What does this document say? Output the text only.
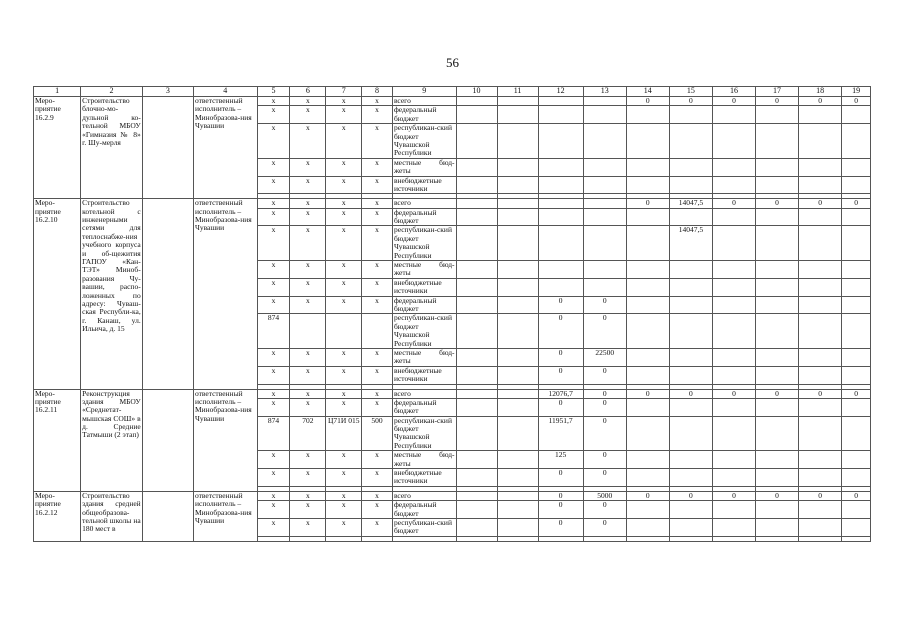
56
1	2	3	4	5	6	7	8	9	10	11	12	13	14	15	16	17	18	19
Меро-приятие 16.2.9	Строительство блочно-мо-дульной ко-тельной МБОУ «Гимназия № 8» г. Шу-мерля		ответственный исполнитель – Минобразова-ния Чувашии	х	х	х	х	всего					0	0	0	0	0	0
				х	х	х	х	федеральный бюджет										
				х	х	х	х	республикан-ский бюджет Чувашской Республики										
				х	х	х	х	местные бюд-жеты										
				х	х	х	х	внебюджетные источники										

Меро-приятие 16.2.10	Строительство котельной с инженерными сетями для теплоснабже-ния учебного корпуса и об-щежития ГАПОУ «Кан-ТЭТ» Миноб-разования Чу-вашии, распо-ложенных по адресу: Чуваш-ская Республи-ка, г. Канаш, ул. Ильича, д. 15		ответственный исполнитель – Минобразова-ния Чувашии	х	х	х	х	всего					0	14047,5	0	0	0	0
				х	х	х	х	федеральный бюджет										
				х	х	х	х	республикан-ский бюджет Чувашской Республики						14047,5				
				х	х	х	х	местные бюд-жеты										
				х	х	х	х	внебюджетные источники										
				х	х	х	х	федеральный бюджет			0	0						
				874				республикан-ский бюджет Чувашской Республики			0	0						
				х	х	х	х	местные бюд-жеты			0	22500						
				х	х	х	х	внебюджетные источники			0	0						

Меро-приятие 16.2.11	Реконструкция здания МБОУ «Среднетат-мышская СОШ» в д. Средние Татмыши (2 этап)		ответственный исполнитель – Минобразова-ния Чувашии	х	х	х	х	всего			12076,7	0	0	0	0	0	0	0
				х	х	х	х	федеральный бюджет			0	0						
				874	702	Ц71И 015	500	республикан-ский бюджет Чувашской Республики			11951,7	0						
				х	х	х	х	местные бюд-жеты			125	0						
				х	х	х	х	внебюджетные источники			0	0						

Меро-приятие 16.2.12	Строительство здания средней общеобразова-тельной школы на 180 мест в		ответственный исполнитель – Минобразова-ния Чувашии	х	х	х	х	всего			0	5000	0	0	0	0	0	0
				х	х	х	х	федеральный бюджет			0	0						
				х	х	х	х	республикан-ский бюджет			0	0						
